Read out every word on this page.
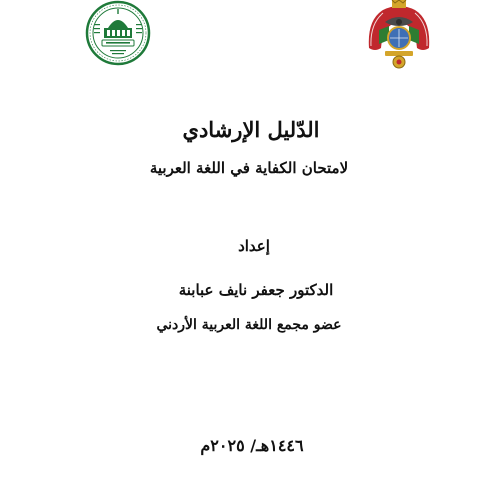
الدّليل الإرشادي
لامتحان الكفاية في اللغة العربية
إعداد
الدكتور جعفر نايف عبابنة
عضو مجمع اللغة العربية الأردني
١٤٤٦هـ/ ٢٠٢٥م
